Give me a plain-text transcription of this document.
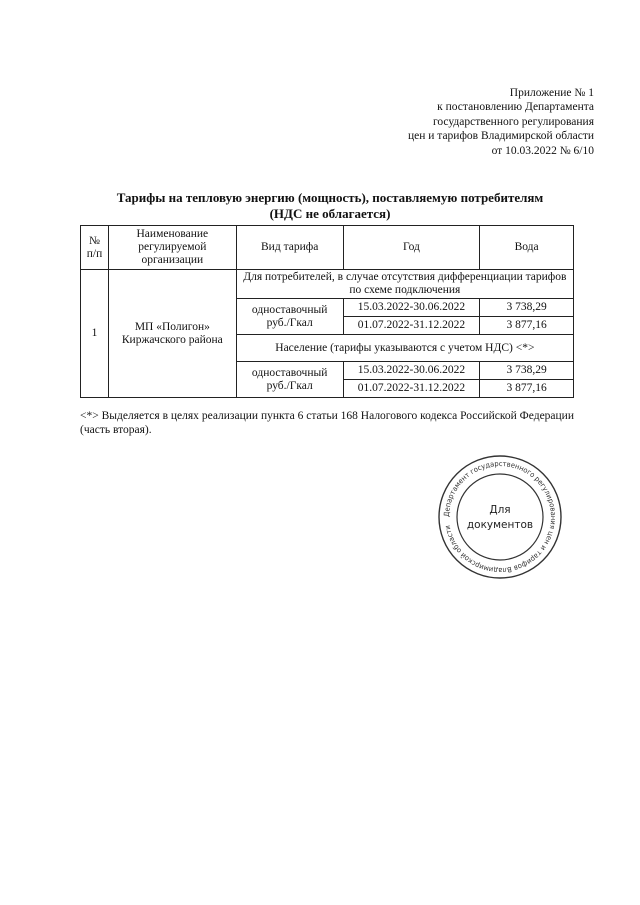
Приложение № 1
к постановлению Департамента
государственного регулирования
цен и тарифов Владимирской области
от 10.03.2022 № 6/10
Тарифы на тепловую энергию (мощность), поставляемую потребителям
(НДС не облагается)
№ п/п	Наименование регулируемой организации	Вид тарифа	Год	Вода
1	МП «Полигон» Киржачского района	Для потребителей, в случае отсутствия дифференциации тарифов по схеме подключения		
		одноставочный
руб./Гкал	15.03.2022-30.06.2022	3 738,29
			01.07.2022-31.12.2022	3 877,16
		Население (тарифы указываются с учетом НДС) <*>		
		одноставочный
руб./Гкал	15.03.2022-30.06.2022	3 738,29
			01.07.2022-31.12.2022	3 877,16
<*> Выделяется в целях реализации пункта 6 статьи 168 Налогового кодекса Российской Федерации (часть вторая).
Департамент государственного регулирования цен и тарифов Владимирской области
Для
документов
